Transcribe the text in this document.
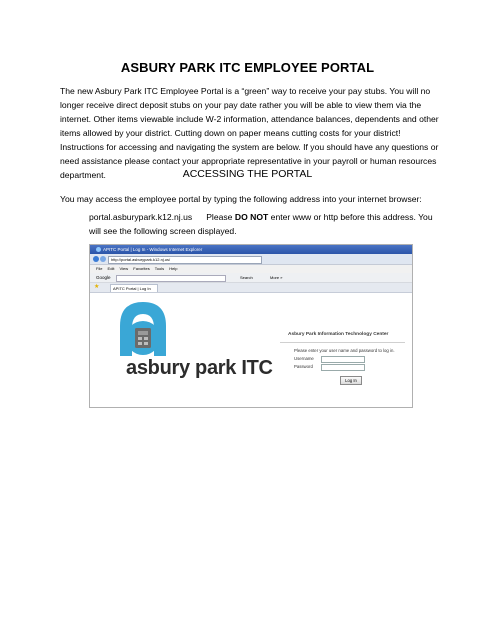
ASBURY PARK ITC EMPLOYEE PORTAL

The new Asbury Park ITC Employee Portal is a “green” way to receive your pay stubs. You will no longer receive direct deposit stubs on your pay date rather you will be able to view them via the internet. Other items viewable include W-2 information, attendance balances, dependents and other items allowed by your district. Cutting down on paper means cutting costs for your district! Instructions for accessing and navigating the system are below. If you should have any questions or need assistance please contact your appropriate representative in your payroll or human resources department.	ACCESSING THE PORTAL
You may access the employee portal by typing the following address into your internet browser:
portal.asburypark.k12.nj.us Please DO NOT enter www or http before this address. You will see the following screen displayed.
APITC Portal | Log In - Windows Internet Explorer
http://portal.asburypark.k12.nj.us/
File Edit View Favorites Tools Help
Google	Search	More »
★	APITC Portal | Log In
asbury park ITC
Asbury Park Information Technology Center
Please enter your user name and password to log in.
Username
Password
Log In
